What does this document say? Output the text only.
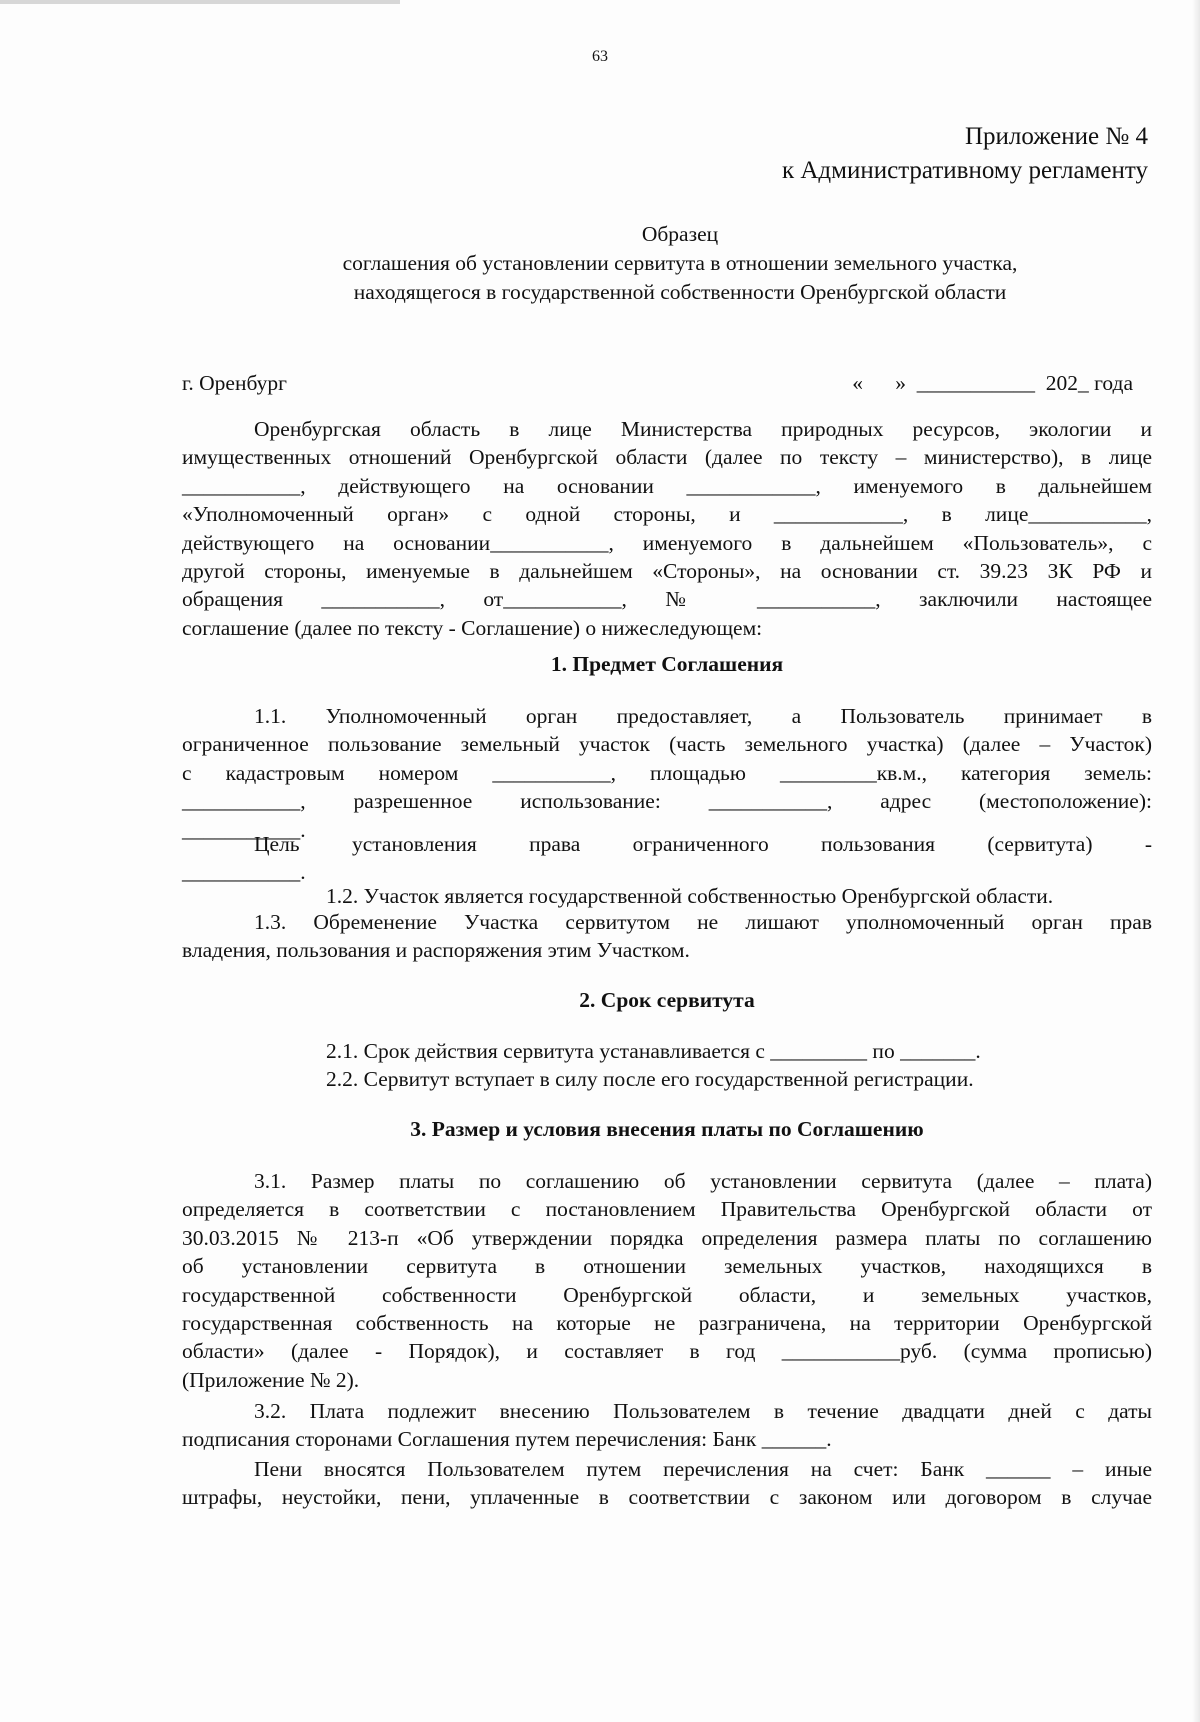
63
Приложение № 4
к Административному регламенту
Образец
соглашения об установлении сервитута в отношении земельного участка,
находящегося в государственной собственности Оренбургской области
г. Оренбург	«      »  ___________  202_ года
Оренбургская область в лице Министерства природных ресурсов, экологии и
имущественных отношений Оренбургской области (далее по тексту – министерство), в лице
___________, действующего на основании ____________, именуемого в дальнейшем
«Уполномоченный орган» с одной стороны, и ____________, в лице___________,
действующего на основании___________, именуемого в дальнейшем «Пользователь», с
другой стороны, именуемые в дальнейшем «Стороны», на основании ст. 39.23 ЗК РФ и
обращения ___________, от___________, № ___________, заключили настоящее
соглашение (далее по тексту - Соглашение) о нижеследующем:
1. Предмет Соглашения
1.1. Уполномоченный орган предоставляет, а Пользователь принимает в
ограниченное пользование земельный участок (часть земельного участка) (далее – Участок)
с кадастровым номером ___________, площадью _________кв.м., категория земель:
___________, разрешенное использование: ___________, адрес (местоположение):
___________.
Цель установления права ограниченного пользования (сервитута) -
___________.
1.2. Участок является государственной собственностью Оренбургской области.
1.3. Обременение Участка сервитутом не лишают уполномоченный орган прав
владения, пользования и распоряжения этим Участком.
2. Срок сервитута
2.1. Срок действия сервитута устанавливается с _________ по _______.
2.2. Сервитут вступает в силу после его государственной регистрации.
3. Размер и условия внесения платы по Соглашению
3.1. Размер платы по соглашению об установлении сервитута (далее – плата)
определяется в соответствии с постановлением Правительства Оренбургской области от
30.03.2015 № 213-п «Об утверждении порядка определения размера платы по соглашению
об установлении сервитута в отношении земельных участков, находящихся в
государственной собственности Оренбургской области, и земельных участков,
государственная собственность на которые не разграничена, на территории Оренбургской
области» (далее - Порядок), и составляет в год ___________руб. (сумма прописью)
(Приложение № 2).
3.2. Плата подлежит внесению Пользователем в течение двадцати дней с даты
подписания сторонами Соглашения путем перечисления: Банк ______.
Пени вносятся Пользователем путем перечисления на счет: Банк ______ – иные
штрафы, неустойки, пени, уплаченные в соответствии с законом или договором в случае
